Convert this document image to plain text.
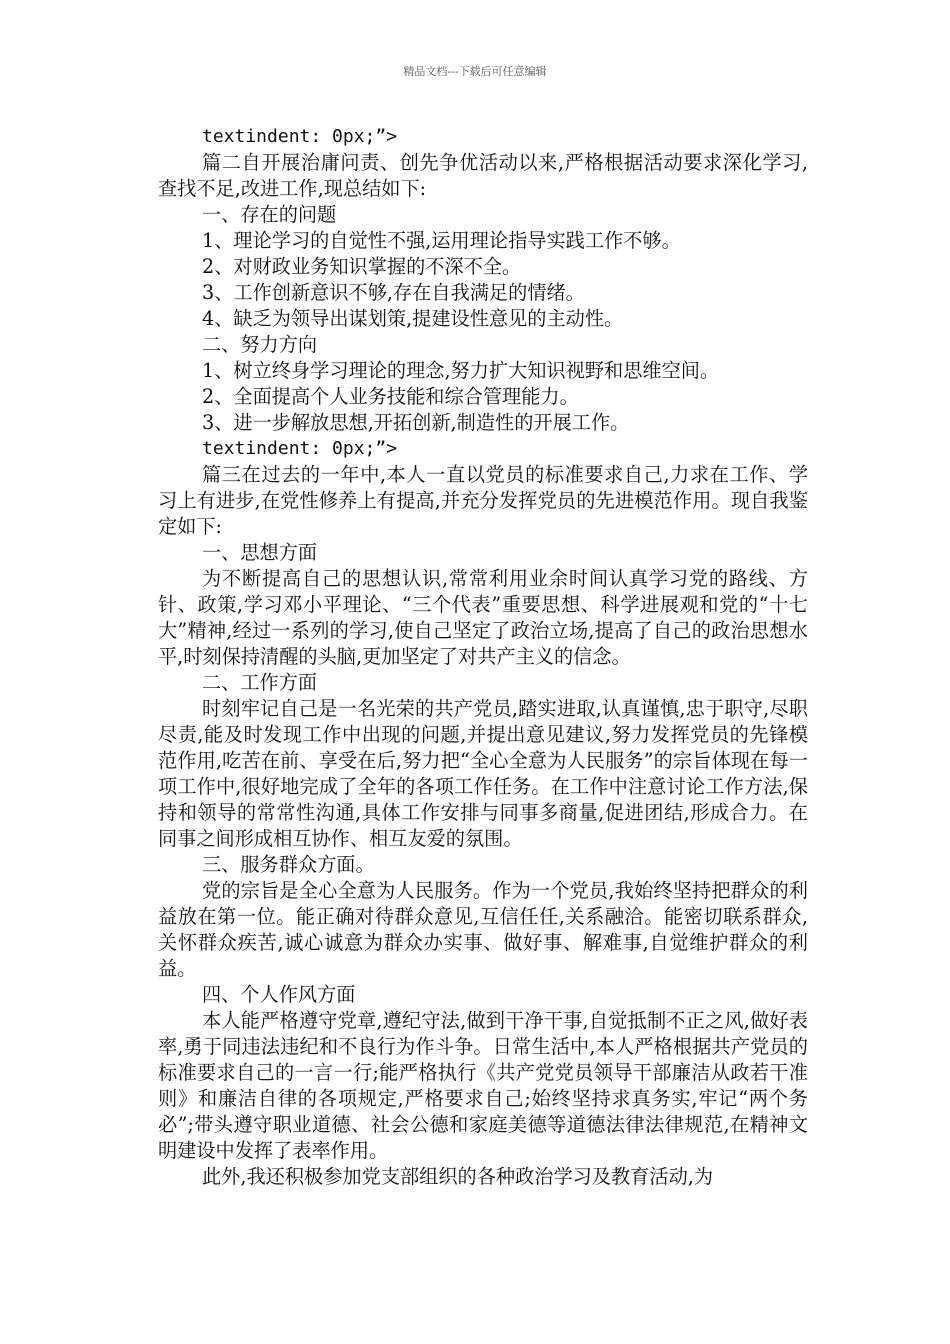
精品文档---下载后可任意编辑

textindent: 0px;”>

篇二自开展治庸问责、创先争优活动以来,严格根据活动要求深化学习,查找不足,改进工作,现总结如下:

一、存在的问题

1、理论学习的自觉性不强,运用理论指导实践工作不够。

2、对财政业务知识掌握的不深不全。

3、工作创新意识不够,存在自我满足的情绪。

4、缺乏为领导出谋划策,提建设性意见的主动性。

二、努力方向

1、树立终身学习理论的理念,努力扩大知识视野和思维空间。

2、全面提高个人业务技能和综合管理能力。

3、进一步解放思想,开拓创新,制造性的开展工作。

textindent: 0px;”>

篇三在过去的一年中,本人一直以党员的标准要求自己,力求在工作、学习上有进步,在党性修养上有提高,并充分发挥党员的先进模范作用。现自我鉴定如下:

一、思想方面

为不断提高自己的思想认识,常常利用业余时间认真学习党的路线、方针、政策,学习邓小平理论、“三个代表”重要思想、科学进展观和党的“十七大”精神,经过一系列的学习,使自己坚定了政治立场,提高了自己的政治思想水平,时刻保持清醒的头脑,更加坚定了对共产主义的信念。

二、工作方面

时刻牢记自己是一名光荣的共产党员,踏实进取,认真谨慎,忠于职守,尽职尽责,能及时发现工作中出现的问题,并提出意见建议,努力发挥党员的先锋模范作用,吃苦在前、享受在后,努力把“全心全意为人民服务”的宗旨体现在每一项工作中,很好地完成了全年的各项工作任务。在工作中注意讨论工作方法,保持和领导的常常性沟通,具体工作安排与同事多商量,促进团结,形成合力。在同事之间形成相互协作、相互友爱的氛围。

三、服务群众方面。

党的宗旨是全心全意为人民服务。作为一个党员,我始终坚持把群众的利益放在第一位。能正确对待群众意见,互信任任,关系融洽。能密切联系群众,关怀群众疾苦,诚心诚意为群众办实事、做好事、解难事,自觉维护群众的利益。

四、个人作风方面

本人能严格遵守党章,遵纪守法,做到干净干事,自觉抵制不正之风,做好表率,勇于同违法违纪和不良行为作斗争。日常生活中,本人严格根据共产党员的标准要求自己的一言一行;能严格执行《共产党党员领导干部廉洁从政若干准则》和廉洁自律的各项规定,严格要求自己;始终坚持求真务实,牢记“两个务必”;带头遵守职业道德、社会公德和家庭美德等道德法律法律规范,在精神文明建设中发挥了表率作用。

此外,我还积极参加党支部组织的各种政治学习及教育活动,为
